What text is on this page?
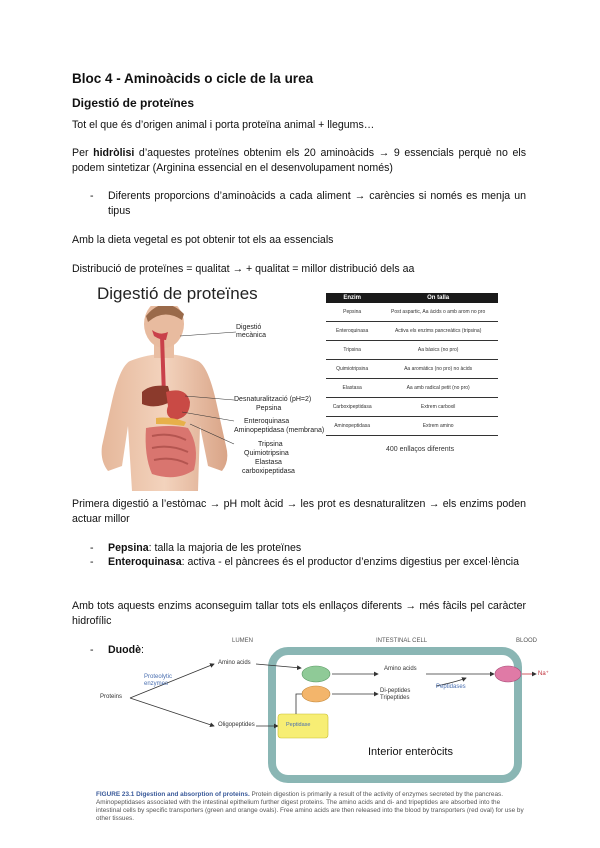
Bloc 4 - Aminoàcids o cicle de la urea
Digestió de proteïnes
Tot el que és d’origen animal i porta proteïna animal + llegums…
Per hidròlisi d’aquestes proteïnes obtenim els 20 aminoàcids → 9 essencials perquè no els podem sintetizar (Arginina essencial en el desenvolupament només)
- Diferents proporcions d’aminoàcids a cada aliment → carències si només es menja un tipus
Amb la dieta vegetal es pot obtenir tot els aa essencials
Distribució de proteïnes = qualitat → + qualitat = millor distribució dels aa
Digestió de proteïnes
Digestió mecànica
Desnaturalització (pH=2)
Pepsina
Enteroquinasa
Aminopeptidasa (membrana)
Tripsina
Quimiotripsina
Elastasa
carboxipeptidasa
Enzim	On talla
Pepsina	Post aspartic, Aa àcids o amb arom no pro
Enteroquinasa	Activa els enzims pancreàtics (tripsina)
Tripsina	Aa bàsics (no pro)
Quimiotripsina	Aa aromàtics (no pro) no àcids
Elastasa	Aa amb radical petit (no pro)
Carboxipeptidasa	Extrem carboxil
Aminopeptidasa	Extrem amino
400 enllaços diferents
Primera digestió a l’estòmac → pH molt àcid → les prot es desnaturalitzen → els enzims poden actuar millor
- Pepsina: talla la majoria de les proteïnes
- Enteroquinasa: activa - el pàncrees és el productor d’enzims digestius per excel·lència
Amb tots aquests enzims aconseguim tallar tots els enllaços diferents → més fàcils pel caràcter hidrofílic
- Duodè:
LUMEN	INTESTINAL CELL	BLOOD
Proteins
Proteolytic enzymes
Amino acids
Oligopeptides	Peptidase
Amino acids
Di-peptides Tripeptides
Peptidases
Na⁺
Interior enteròcits
FIGURE 23.1 Digestion and absorption of proteins. Protein digestion is primarily a result of the activity of enzymes secreted by the pancreas. Aminopeptidases associated with the intestinal epithelium further digest proteins. The amino acids and di- and tripeptides are absorbed into the intestinal cells by specific transporters (green and orange ovals). Free amino acids are then released into the blood by transporters (red oval) for use by other tissues.
